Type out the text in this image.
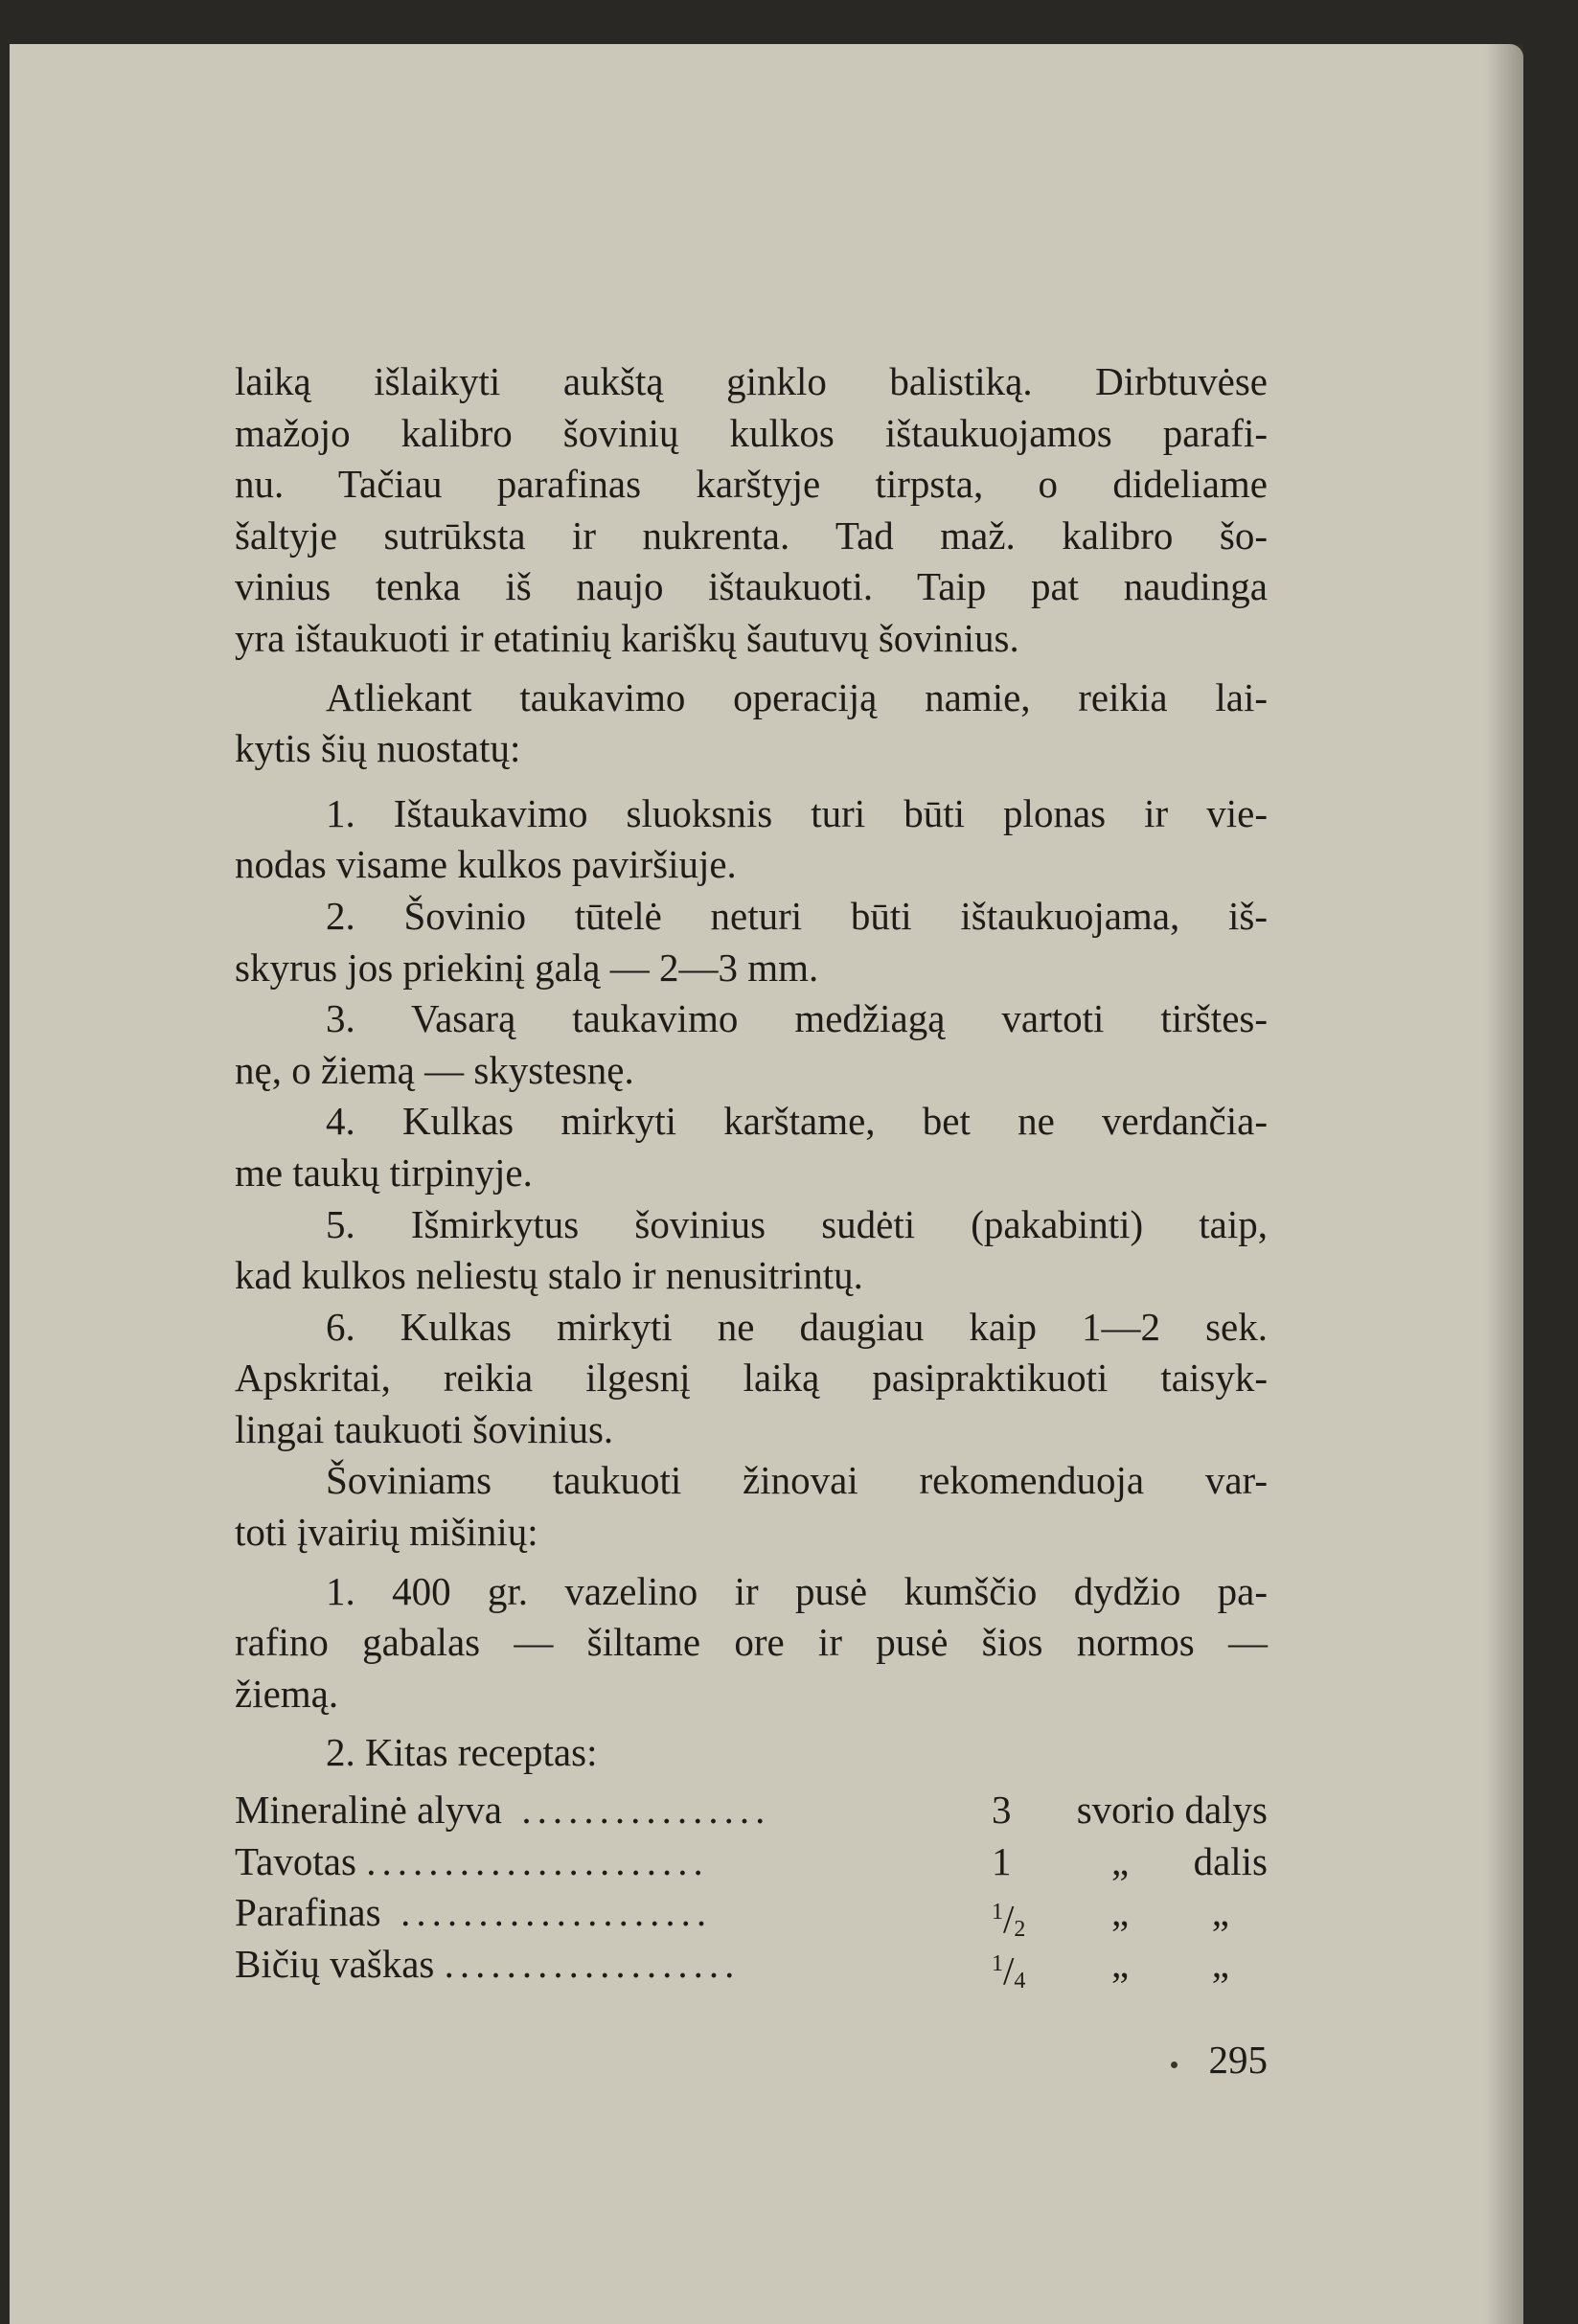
laiką išlaikyti aukštą ginklo balistiką. Dirbtuvėse
mažojo kalibro šovinių kulkos ištaukuojamos parafi-
nu. Tačiau parafinas karštyje tirpsta, o dideliame
šaltyje sutrūksta ir nukrenta. Tad maž. kalibro šo-
vinius tenka iš naujo ištaukuoti. Taip pat naudinga
yra ištaukuoti ir etatinių kariškų šautuvų šovinius.
Atliekant taukavimo operaciją namie, reikia lai-
kytis šių nuostatų:
1. Ištaukavimo sluoksnis turi būti plonas ir vie-
nodas visame kulkos paviršiuje.
2. Šovinio tūtelė neturi būti ištaukuojama, iš-
skyrus jos priekinį galą — 2—3 mm.
3. Vasarą taukavimo medžiagą vartoti tirštes-
nę, o žiemą — skystesnę.
4. Kulkas mirkyti karštame, bet ne verdančia-
me taukų tirpinyje.
5. Išmirkytus šovinius sudėti (pakabinti) taip,
kad kulkos neliestų stalo ir nenusitrintų.
6. Kulkas mirkyti ne daugiau kaip 1—2 sek.
Apskritai, reikia ilgesnį laiką pasipraktikuoti taisyk-
lingai taukuoti šovinius.
Šoviniams taukuoti žinovai rekomenduoja var-
toti įvairių mišinių:
1. 400 gr. vazelino ir pusė kumščio dydžio pa-
rafino gabalas — šiltame ore ir pusė šios normos —
žiemą.
2. Kitas receptas:
Mineralinė alyva ................	3 svorio dalys
Tavotas ......................	1	„ dalis
Parafinas ....................	$^1/_2$ „ „
Bičių vaškas ...................	$^1/_4$ „ „
295
